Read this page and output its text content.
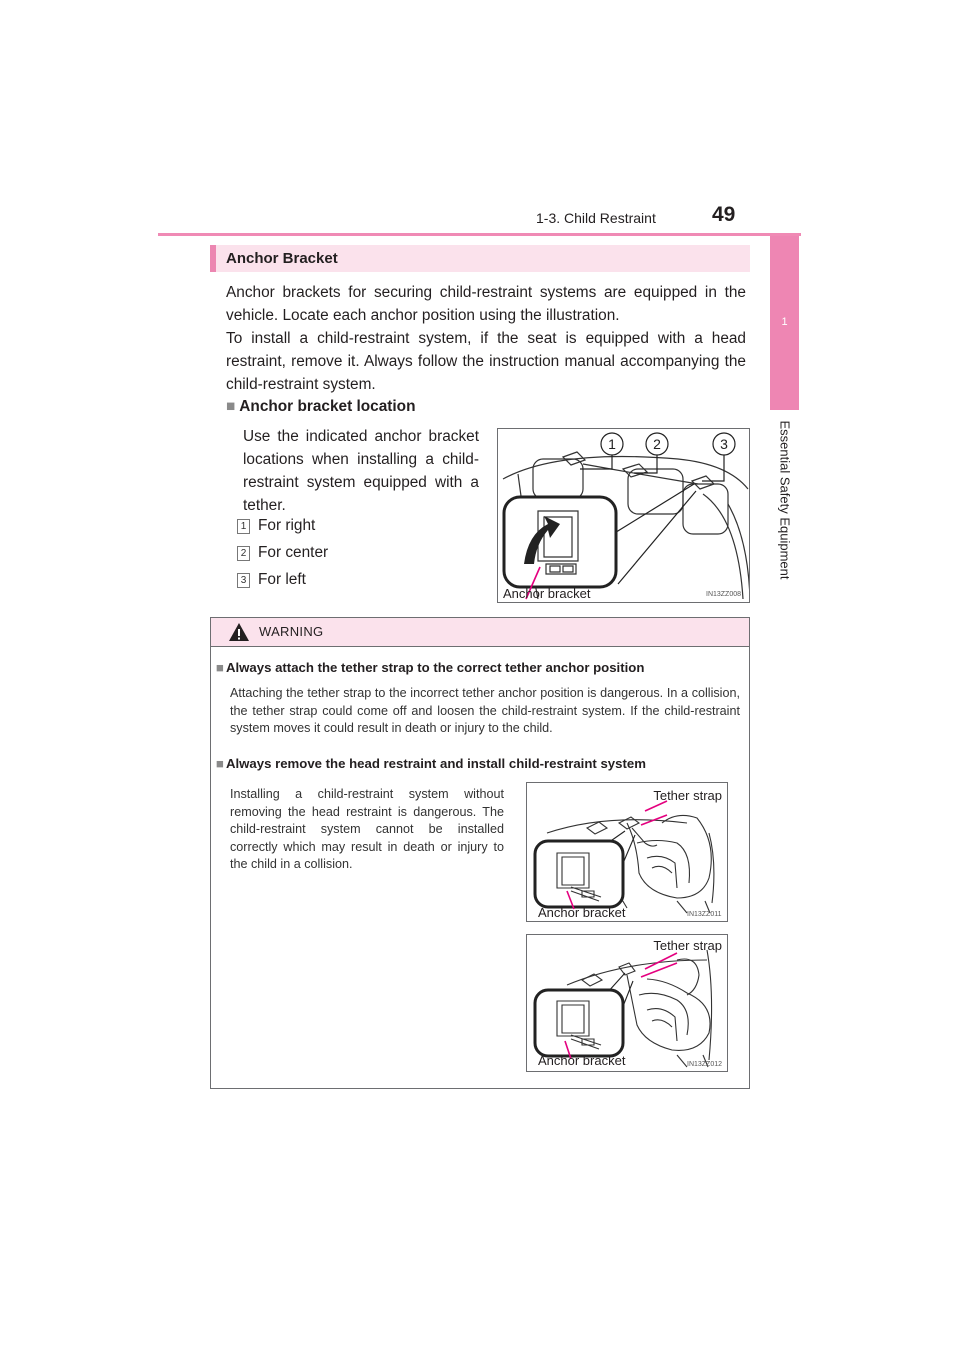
1-3. Child Restraint	49
1
Essential Safety Equipment
Anchor Bracket
Anchor brackets for securing child-restraint systems are equipped in the vehicle. Locate each anchor position using the illustration.
To install a child-restraint system, if the seat is equipped with a head restraint, remove it. Always follow the instruction manual accompanying the child-restraint system.
■ Anchor bracket location
Use the indicated anchor bracket locations when installing a child-restraint system equipped with a tether.
1 For right
2 For center
3 For left
1	2	3
Anchor bracket	IN13ZZ008
WARNING
■ Always attach the tether strap to the correct tether anchor position
Attaching the tether strap to the incorrect tether anchor position is dangerous. In a collision, the tether strap could come off and loosen the child-restraint system. If the child-restraint system moves it could result in death or injury to the child.
■ Always remove the head restraint and install child-restraint system
Installing a child-restraint system without removing the head restraint is dangerous. The child-restraint system cannot be installed correctly which may result in death or injury to the child in a collision.
Tether strap
Anchor bracket	IN13ZZ011
Tether strap
Anchor bracket	IN13ZZ012
